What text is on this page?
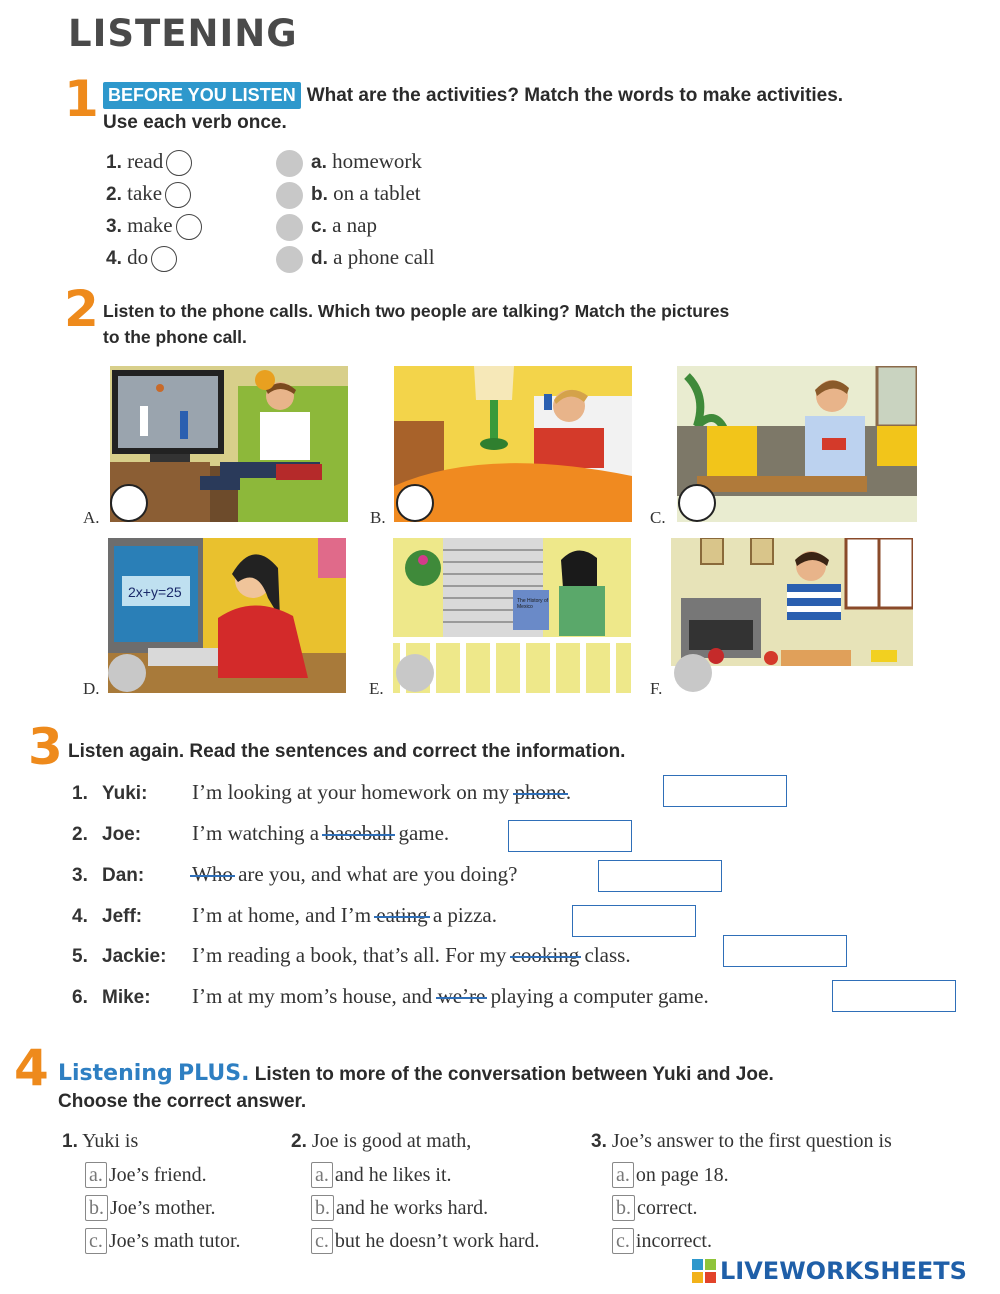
LISTENING
1 BEFORE YOU LISTEN What are the activities? Match the words to make activities.
Use each verb once.
1. read
2. take
3. make
4. do
a. homework
b. on a tablet
c. a nap
d. a phone call
2 Listen to the phone calls. Which two people are talking? Match the pictures
to the phone call.
A.	B.	C.
2x+y=25
D.
The History of Mexico
E.	F.
3 Listen again. Read the sentences and correct the information.
1. Yuki: I’m looking at your homework on my phone.
2. Joe: I’m watching a baseball game.
3. Dan: Who are you, and what are you doing?
4. Jeff: I’m at home, and I’m eating a pizza.
5. Jackie: I’m reading a book, that’s all. For my cooking class.
6. Mike: I’m at my mom’s house, and we’re playing a computer game.
4 Listening PLUS. Listen to more of the conversation between Yuki and Joe.
Choose the correct answer.
1. Yuki is
a. Joe’s friend.
b. Joe’s mother.
c. Joe’s math tutor.
2. Joe is good at math,
a. and he likes it.
b. and he works hard.
c. but he doesn’t work hard.
3. Joe’s answer to the first question is
a. on page 18.
b. correct.
c. incorrect.
LIVEWORKSHEETS
